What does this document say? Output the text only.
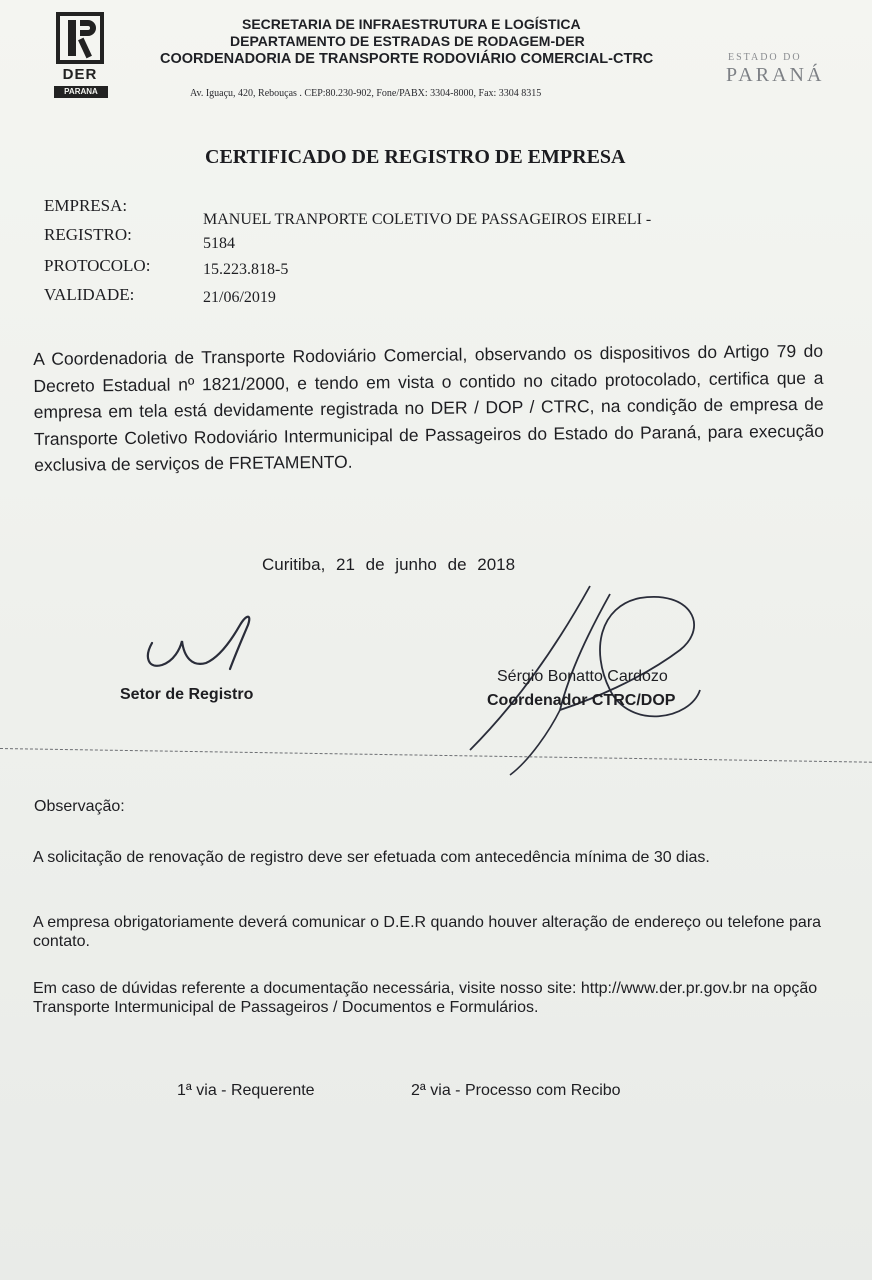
DER
PARANA
SECRETARIA DE INFRAESTRUTURA E LOGÍSTICA
DEPARTAMENTO DE ESTRADAS DE RODAGEM-DER
COORDENADORIA DE TRANSPORTE RODOVIÁRIO COMERCIAL-CTRC
Av. Iguaçu, 420, Rebouças . CEP:80.230-902, Fone/PABX: 3304-8000, Fax: 3304 8315
ESTADO DO
PARANÁ
CERTIFICADO DE REGISTRO DE EMPRESA
EMPRESA:
MANUEL TRANPORTE COLETIVO DE PASSAGEIROS EIRELI -
REGISTRO:	5184
PROTOCOLO:	15.223.818-5
VALIDADE:	21/06/2019
A Coordenadoria de Transporte Rodoviário Comercial, observando os dispositivos do Artigo 79 do Decreto Estadual nº 1821/2000, e tendo em vista o contido no citado protocolado, certifica que a empresa em tela está devidamente registrada no DER / DOP / CTRC, na condição de empresa de Transporte Coletivo Rodoviário Intermunicipal de Passageiros do Estado do Paraná, para execução exclusiva de serviços de FRETAMENTO.
Curitiba, 21 de junho de 2018
Setor de Registro
Sérgio Bonatto Cardozo
Coordenador CTRC/DOP
Observação:
A solicitação de renovação de registro deve ser efetuada com antecedência mínima de 30 dias.
A empresa obrigatoriamente deverá comunicar o D.E.R quando houver alteração de endereço ou telefone para contato.
Em caso de dúvidas referente a documentação necessária, visite nosso site: http://www.der.pr.gov.br na opção Transporte Intermunicipal de Passageiros / Documentos e Formulários.
1ª via - Requerente	2ª via - Processo com Recibo
